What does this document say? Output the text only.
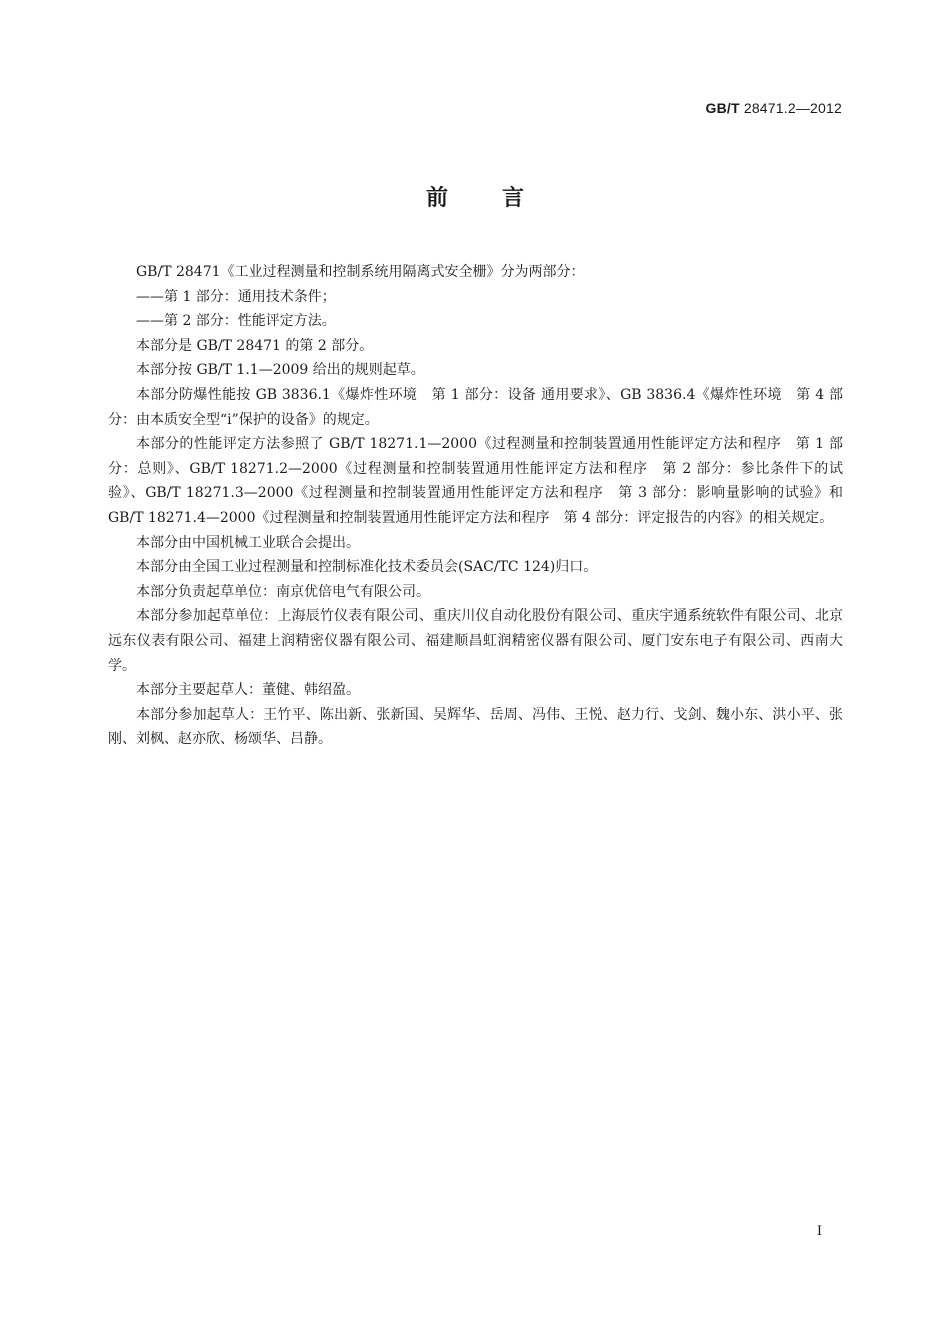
GB/T 28471.2—2012
前言

GB/T 28471《工业过程测量和控制系统用隔离式安全栅》分为两部分：

——第 1 部分：通用技术条件；

——第 2 部分：性能评定方法。

本部分是 GB/T 28471 的第 2 部分。

本部分按 GB/T 1.1—2009 给出的规则起草。

本部分防爆性能按 GB 3836.1《爆炸性环境　第 1 部分：设备 通用要求》、GB 3836.4《爆炸性环境　第 4 部分：由本质安全型“i”保护的设备》的规定。

本部分的性能评定方法参照了 GB/T 18271.1—2000《过程测量和控制装置通用性能评定方法和程序　第 1 部分：总则》、GB/T 18271.2—2000《过程测量和控制装置通用性能评定方法和程序　第 2 部分：参比条件下的试验》、GB/T 18271.3—2000《过程测量和控制装置通用性能评定方法和程序　第 3 部分：影响量影响的试验》和 GB/T 18271.4—2000《过程测量和控制装置通用性能评定方法和程序　第 4 部分：评定报告的内容》的相关规定。

本部分由中国机械工业联合会提出。

本部分由全国工业过程测量和控制标准化技术委员会(SAC/TC 124)归口。

本部分负责起草单位：南京优倍电气有限公司。

本部分参加起草单位：上海辰竹仪表有限公司、重庆川仪自动化股份有限公司、重庆宇通系统软件有限公司、北京远东仪表有限公司、福建上润精密仪器有限公司、福建顺昌虹润精密仪器有限公司、厦门安东电子有限公司、西南大学。

本部分主要起草人：董健、韩绍盈。

本部分参加起草人：王竹平、陈出新、张新国、吴辉华、岳周、冯伟、王悦、赵力行、戈剑、魏小东、洪小平、张刚、刘枫、赵亦欣、杨颂华、吕静。

I
